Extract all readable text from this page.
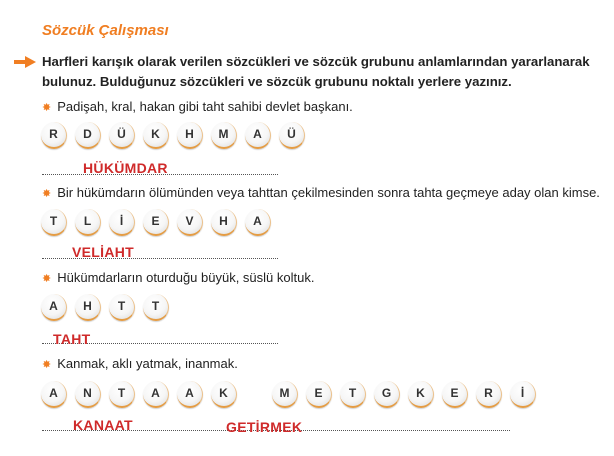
Sözcük Çalışması
Harfleri karışık olarak verilen sözcükleri ve sözcük grubunu anlamlarından yararlanarak bulunuz. Bulduğunuz sözcükleri ve sözcük grubunu noktalı yerlere yazınız.
✸ Padişah, kral, hakan gibi taht sahibi devlet başkanı.
R	D	Ü	K	H	M	A	Ü
HÜKÜMDAR
✸ Bir hükümdarın ölümünden veya tahttan çekilmesinden sonra tahta geçmeye aday olan kimse.
T	L	İ	E	V	H	A
VELİAHT
✸ Hükümdarların oturduğu büyük, süslü koltuk.
A	H	T	T
TAHT
✸ Kanmak, aklı yatmak, inanmak.
A	N	T	A	A	K	M	E	T	G	K	E	R	İ
KANAAT	GETİRMEK
